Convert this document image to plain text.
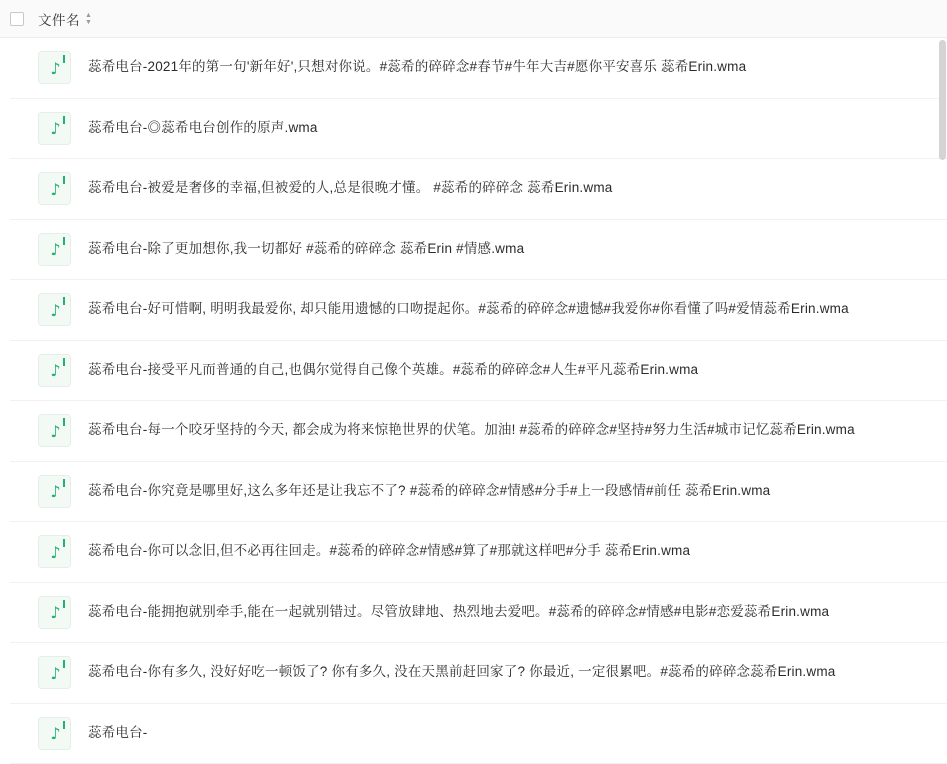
文件名 ▲
▼
♪	蕊希电台-2021年的第一句'新年好',只想对你说。#蕊希的碎碎念#春节#牛年大吉#愿你平安喜乐 蕊希Erin.wma
♪	蕊希电台-◎蕊希电台创作的原声.wma
♪	蕊希电台-被爱是奢侈的幸福,但被爱的人,总是很晚才懂。 #蕊希的碎碎念 蕊希Erin.wma
♪	蕊希电台-除了更加想你,我一切都好 #蕊希的碎碎念 蕊希Erin #情感.wma
♪	蕊希电台-好可惜啊, 明明我最爱你, 却只能用遗憾的口吻提起你。#蕊希的碎碎念#遗憾#我爱你#你看懂了吗#爱情蕊希Erin.wma
♪	蕊希电台-接受平凡而普通的自己,也偶尔觉得自己像个英雄。#蕊希的碎碎念#人生#平凡蕊希Erin.wma
♪	蕊希电台-每一个咬牙坚持的今天, 都会成为将来惊艳世界的伏笔。加油! #蕊希的碎碎念#坚持#努力生活#城市记忆蕊希Erin.wma
♪	蕊希电台-你究竟是哪里好,这么多年还是让我忘不了? #蕊希的碎碎念#情感#分手#上一段感情#前任 蕊希Erin.wma
♪	蕊希电台-你可以念旧,但不必再往回走。#蕊希的碎碎念#情感#算了#那就这样吧#分手 蕊希Erin.wma
♪	蕊希电台-能拥抱就别牵手,能在一起就别错过。尽管放肆地、热烈地去爱吧。#蕊希的碎碎念#情感#电影#恋爱蕊希Erin.wma
♪	蕊希电台-你有多久, 没好好吃一顿饭了? 你有多久, 没在天黑前赶回家了? 你最近, 一定很累吧。#蕊希的碎碎念蕊希Erin.wma
♪	蕊希电台-
